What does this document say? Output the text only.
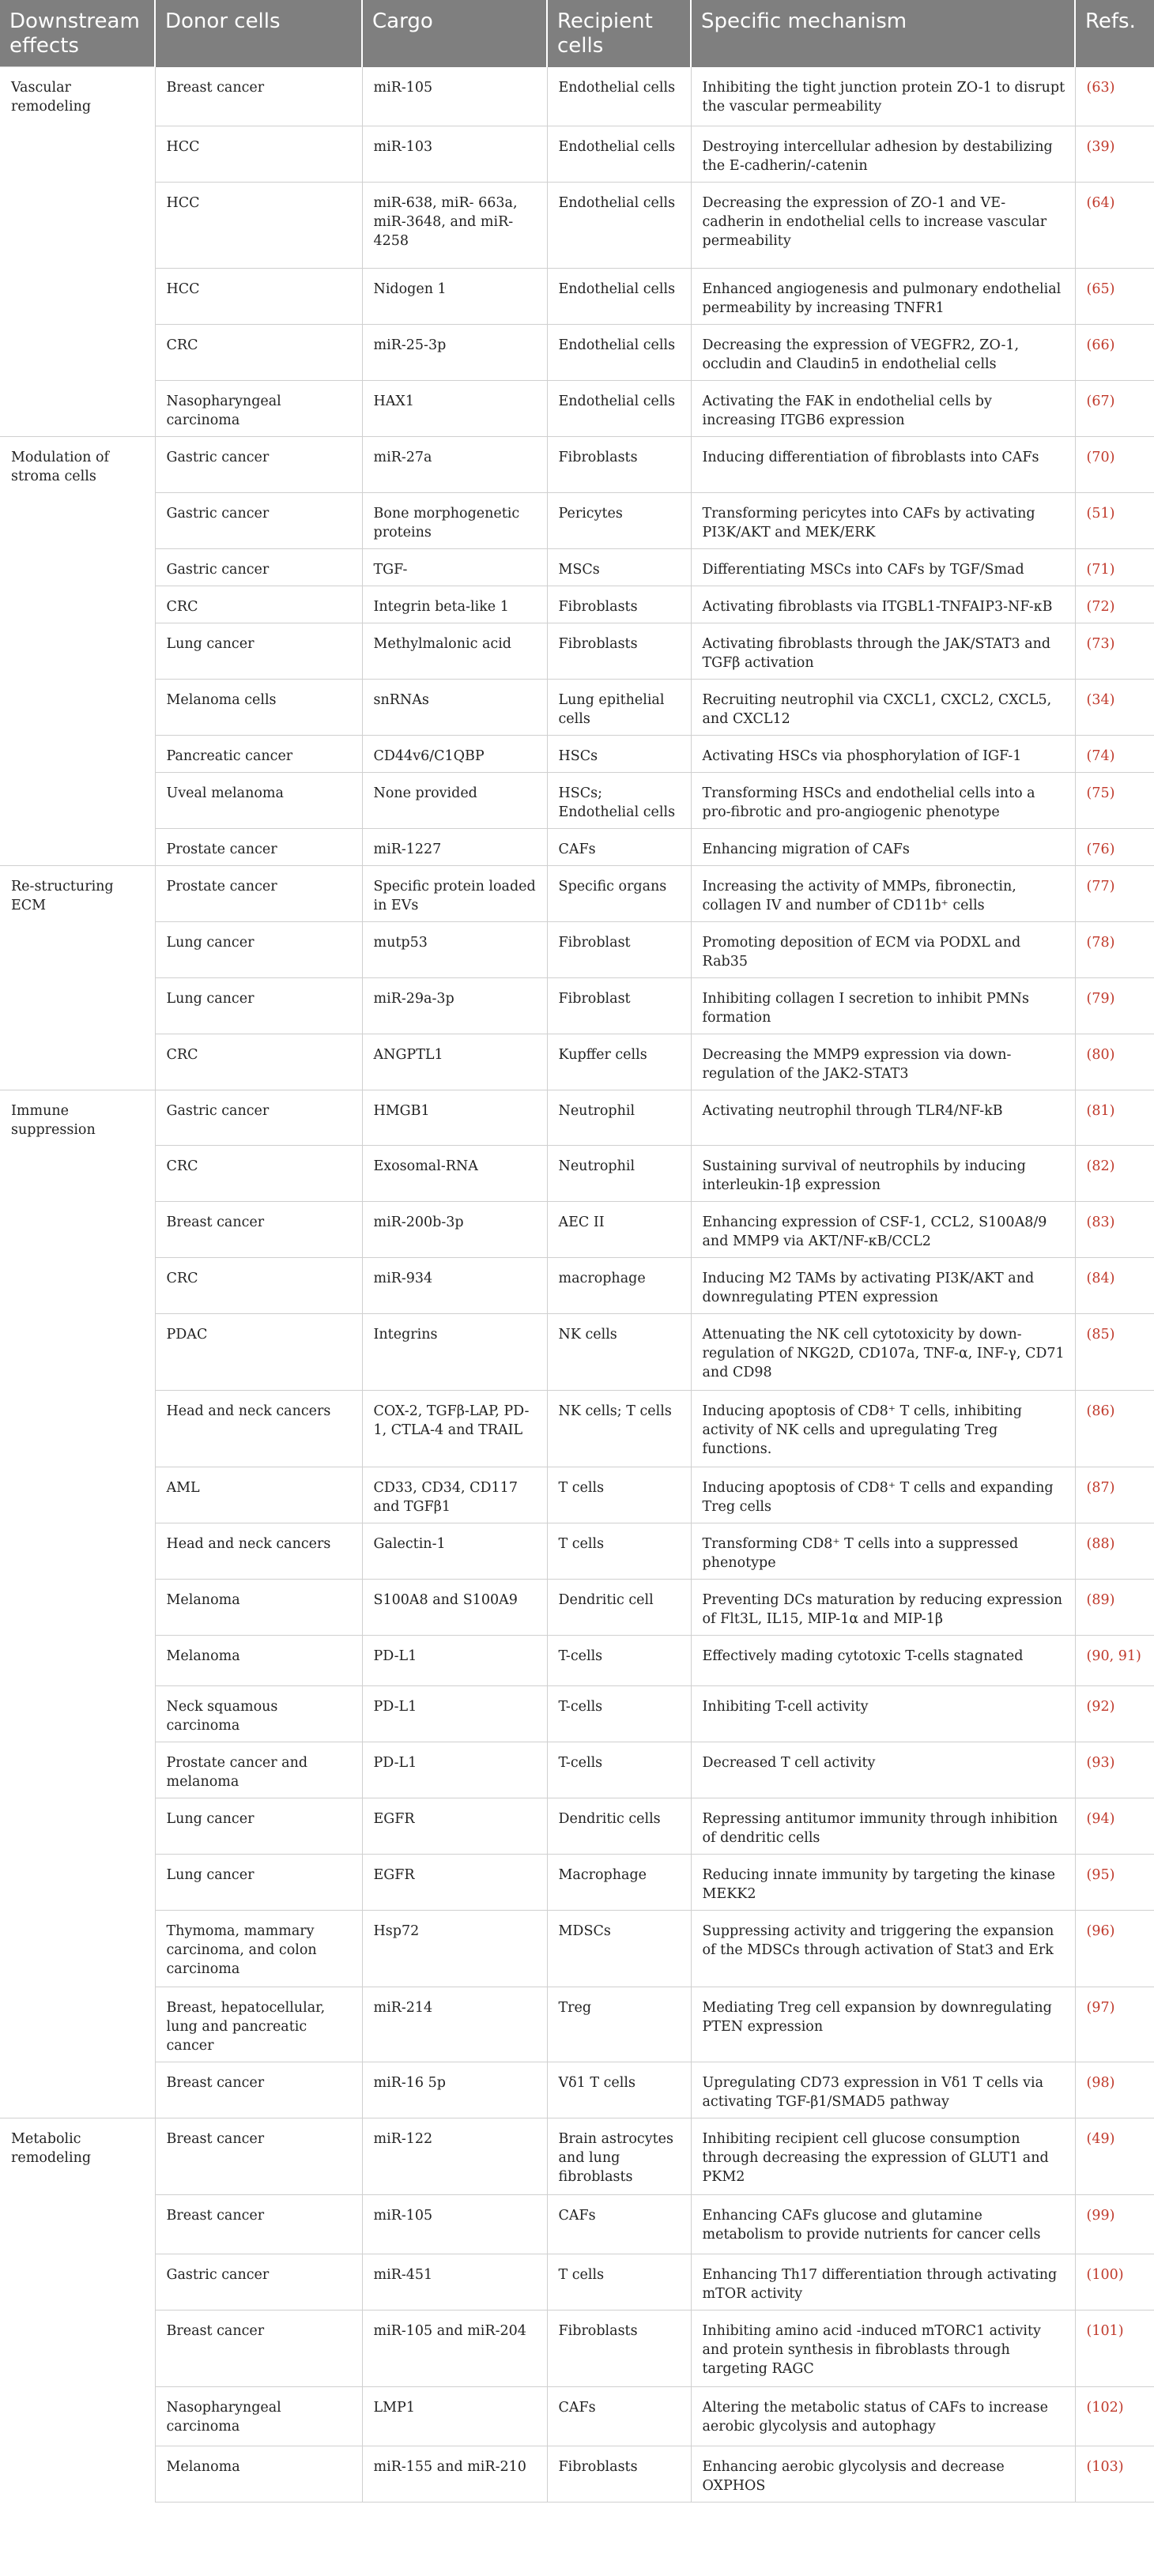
Downstream effects	Donor cells	Cargo	Recipient cells	Specific mechanism	Refs.
Vascular remodeling	Breast cancer	miR-105	Endothelial cells	Inhibiting the tight junction protein ZO-1 to disrupt the vascular permeability	(63)
	HCC	miR-103	Endothelial cells	Destroying intercellular adhesion by destabilizing the E-cadherin/-catenin	(39)
	HCC	miR-638, miR- 663a, miR-3648, and miR-4258	Endothelial cells	Decreasing the expression of ZO-1 and VE-cadherin in endothelial cells to increase vascular permeability	(64)
	HCC	Nidogen 1	Endothelial cells	Enhanced angiogenesis and pulmonary endothelial permeability by increasing TNFR1	(65)
	CRC	miR-25-3p	Endothelial cells	Decreasing the expression of VEGFR2, ZO-1, occludin and Claudin5 in endothelial cells	(66)
	Nasopharyngeal carcinoma	HAX1	Endothelial cells	Activating the FAK in endothelial cells by increasing ITGB6 expression	(67)
Modulation of stroma cells	Gastric cancer	miR-27a	Fibroblasts	Inducing differentiation of fibroblasts into CAFs	(70)
	Gastric cancer	Bone morphogenetic proteins	Pericytes	Transforming pericytes into CAFs by activating PI3K/AKT and MEK/ERK	(51)
	Gastric cancer	TGF-	MSCs	Differentiating MSCs into CAFs by TGF/Smad	(71)
	CRC	Integrin beta-like 1	Fibroblasts	Activating fibroblasts via ITGBL1-TNFAIP3-NF-κB	(72)
	Lung cancer	Methylmalonic acid	Fibroblasts	Activating fibroblasts through the JAK/STAT3 and TGFβ activation	(73)
	Melanoma cells	snRNAs	Lung epithelial cells	Recruiting neutrophil via CXCL1, CXCL2, CXCL5, and CXCL12	(34)
	Pancreatic cancer	CD44v6/C1QBP	HSCs	Activating HSCs via phosphorylation of IGF-1	(74)
	Uveal melanoma	None provided	HSCs; Endothelial cells	Transforming HSCs and endothelial cells into a pro-fibrotic and pro-angiogenic phenotype	(75)
	Prostate cancer	miR-1227	CAFs	Enhancing migration of CAFs	(76)
Re-structuring ECM	Prostate cancer	Specific protein loaded in EVs	Specific organs	Increasing the activity of MMPs, fibronectin, collagen IV and number of CD11b⁺ cells	(77)
	Lung cancer	mutp53	Fibroblast	Promoting deposition of ECM via PODXL and Rab35	(78)
	Lung cancer	miR-29a-3p	Fibroblast	Inhibiting collagen I secretion to inhibit PMNs formation	(79)
	CRC	ANGPTL1	Kupffer cells	Decreasing the MMP9 expression via down-regulation of the JAK2-STAT3	(80)
Immune suppression	Gastric cancer	HMGB1	Neutrophil	Activating neutrophil through TLR4/NF-kB	(81)
	CRC	Exosomal-RNA	Neutrophil	Sustaining survival of neutrophils by inducing interleukin-1β expression	(82)
	Breast cancer	miR-200b-3p	AEC II	Enhancing expression of CSF-1, CCL2, S100A8/9 and MMP9 via AKT/NF-κB/CCL2	(83)
	CRC	miR-934	macrophage	Inducing M2 TAMs by activating PI3K/AKT and downregulating PTEN expression	(84)
	PDAC	Integrins	NK cells	Attenuating the NK cell cytotoxicity by down-regulation of NKG2D, CD107a, TNF-α, INF-γ, CD71 and CD98	(85)
	Head and neck cancers	COX-2, TGFβ-LAP, PD-1, CTLA-4 and TRAIL	NK cells; T cells	Inducing apoptosis of CD8⁺ T cells, inhibiting activity of NK cells and upregulating Treg functions.	(86)
	AML	CD33, CD34, CD117 and TGFβ1	T cells	Inducing apoptosis of CD8⁺ T cells and expanding Treg cells	(87)
	Head and neck cancers	Galectin-1	T cells	Transforming CD8⁺ T cells into a suppressed phenotype	(88)
	Melanoma	S100A8 and S100A9	Dendritic cell	Preventing DCs maturation by reducing expression of Flt3L, IL15, MIP-1α and MIP-1β	(89)
	Melanoma	PD-L1	T-cells	Effectively mading cytotoxic T-cells stagnated	(90, 91)
	Neck squamous carcinoma	PD-L1	T-cells	Inhibiting T-cell activity	(92)
	Prostate cancer and melanoma	PD-L1	T-cells	Decreased T cell activity	(93)
	Lung cancer	EGFR	Dendritic cells	Repressing antitumor immunity through inhibition of dendritic cells	(94)
	Lung cancer	EGFR	Macrophage	Reducing innate immunity by targeting the kinase MEKK2	(95)
	Thymoma, mammary carcinoma, and colon carcinoma	Hsp72	MDSCs	Suppressing activity and triggering the expansion of the MDSCs through activation of Stat3 and Erk	(96)
	Breast, hepatocellular, lung and pancreatic cancer	miR-214	Treg	Mediating Treg cell expansion by downregulating PTEN expression	(97)
	Breast cancer	miR-16 5p	Vδ1 T cells	Upregulating CD73 expression in Vδ1 T cells via activating TGF-β1/SMAD5 pathway	(98)
Metabolic remodeling	Breast cancer	miR-122	Brain astrocytes and lung fibroblasts	Inhibiting recipient cell glucose consumption through decreasing the expression of GLUT1 and PKM2	(49)
	Breast cancer	miR-105	CAFs	Enhancing CAFs glucose and glutamine metabolism to provide nutrients for cancer cells	(99)
	Gastric cancer	miR-451	T cells	Enhancing Th17 differentiation through activating mTOR activity	(100)
	Breast cancer	miR-105 and miR-204	Fibroblasts	Inhibiting amino acid -induced mTORC1 activity and protein synthesis in fibroblasts through targeting RAGC	(101)
	Nasopharyngeal carcinoma	LMP1	CAFs	Altering the metabolic status of CAFs to increase aerobic glycolysis and autophagy	(102)
	Melanoma	miR-155 and miR-210	Fibroblasts	Enhancing aerobic glycolysis and decrease OXPHOS	(103)
